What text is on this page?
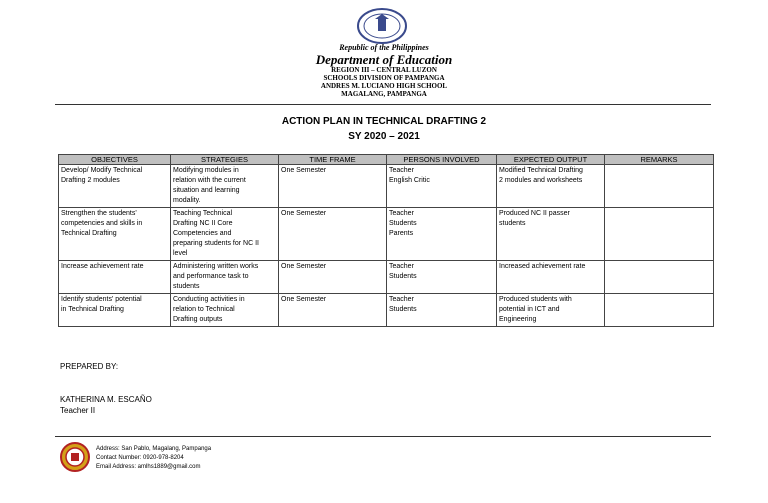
Republic of the Philippines
Department of Education
REGION III – CENTRAL LUZON
SCHOOLS DIVISION OF PAMPANGA
ANDRES M. LUCIANO HIGH SCHOOL
MAGALANG, PAMPANGA
ACTION PLAN IN TECHNICAL DRAFTING 2
SY 2020 – 2021
OBJECTIVES	STRATEGIES	TIME FRAME	PERSONS INVOLVED	EXPECTED OUTPUT	REMARKS

Develop/ Modify Technical
Drafting 2 modules	Modifying modules in
relation with the current
situation and learning
modality.	One Semester	Teacher
English Critic	Modified Technical Drafting
2 modules and worksheets	

Strengthen the students'
competencies and skills in
Technical Drafting	Teaching Technical
Drafting NC II Core
Competencies and
preparing students for NC II
level	One Semester	Teacher
Students
Parents	Produced NC II passer
students	

Increase achievement rate	Administering written works
and performance task to
students	One Semester	Teacher
Students	Increased achievement rate	

Identify students' potential
in Technical Drafting	Conducting activities in
relation to Technical
Drafting outputs	One Semester	Teacher
Students	Produced students with
potential in ICT and
Engineering	

PREPARED BY:
KATHERINA M. ESCAÑO
Teacher II
Address: San Pablo, Magalang, Pampanga
Contact Number: 0920-978-8204
Email Address: amlhs1889@gmail.com
